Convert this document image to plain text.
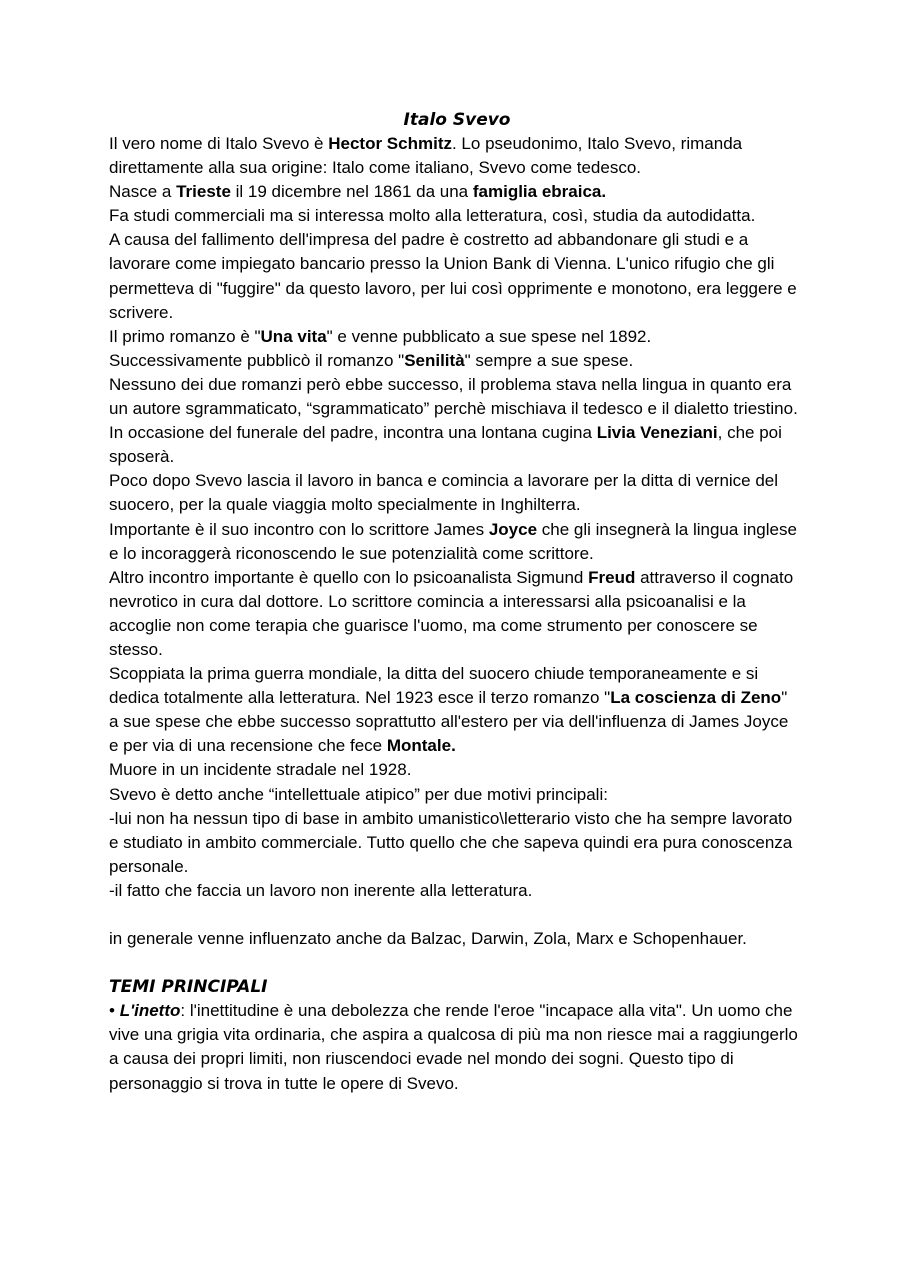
Italo Svevo

Il vero nome di Italo Svevo è Hector Schmitz. Lo pseudonimo, Italo Svevo, rimanda direttamente alla sua origine: Italo come italiano, Svevo come tedesco.

Nasce a Trieste il 19 dicembre nel 1861 da una famiglia ebraica.

Fa studi commerciali ma si interessa molto alla letteratura, così, studia da autodidatta.

A causa del fallimento dell'impresa del padre è costretto ad abbandonare gli studi e a lavorare come impiegato bancario presso la Union Bank di Vienna. L'unico rifugio che gli permetteva di "fuggire" da questo lavoro, per lui così opprimente e monotono, era leggere e scrivere.

Il primo romanzo è "Una vita" e venne pubblicato a sue spese nel 1892.

Successivamente pubblicò il romanzo "Senilità" sempre a sue spese.

Nessuno dei due romanzi però ebbe successo, il problema stava nella lingua in quanto era un autore sgrammaticato, “sgrammaticato” perchè mischiava il tedesco e il dialetto triestino.

In occasione del funerale del padre, incontra una lontana cugina Livia Veneziani, che poi sposerà.

Poco dopo Svevo lascia il lavoro in banca e comincia a lavorare per la ditta di vernice del suocero, per la quale viaggia molto specialmente in Inghilterra.

Importante è il suo incontro con lo scrittore James Joyce che gli insegnerà la lingua inglese e lo incoraggerà riconoscendo le sue potenzialità come scrittore.

Altro incontro importante è quello con lo psicoanalista Sigmund Freud attraverso il cognato nevrotico in cura dal dottore. Lo scrittore comincia a interessarsi alla psicoanalisi e la accoglie non come terapia che guarisce l'uomo, ma come strumento per conoscere se stesso.

Scoppiata la prima guerra mondiale, la ditta del suocero chiude temporaneamente e si dedica totalmente alla letteratura. Nel 1923 esce il terzo romanzo "La coscienza di Zeno" a sue spese che ebbe successo soprattutto all'estero per via dell'influenza di James Joyce e per via di una recensione che fece Montale.

Muore in un incidente stradale nel 1928.

Svevo è detto anche “intellettuale atipico” per due motivi principali:

-lui non ha nessun tipo di base in ambito umanistico\letterario visto che ha sempre lavorato e studiato in ambito commerciale. Tutto quello che che sapeva quindi era pura conoscenza personale.

-il fatto che faccia un lavoro non inerente alla letteratura.

in generale venne influenzato anche da Balzac, Darwin, Zola, Marx e Schopenhauer.

TEMI PRINCIPALI

• L'inetto: l'inettitudine è una debolezza che rende l'eroe "incapace alla vita". Un uomo che vive una grigia vita ordinaria, che aspira a qualcosa di più ma non riesce mai a raggiungerlo a causa dei propri limiti, non riuscendoci evade nel mondo dei sogni. Questo tipo di personaggio si trova in tutte le opere di Svevo.
